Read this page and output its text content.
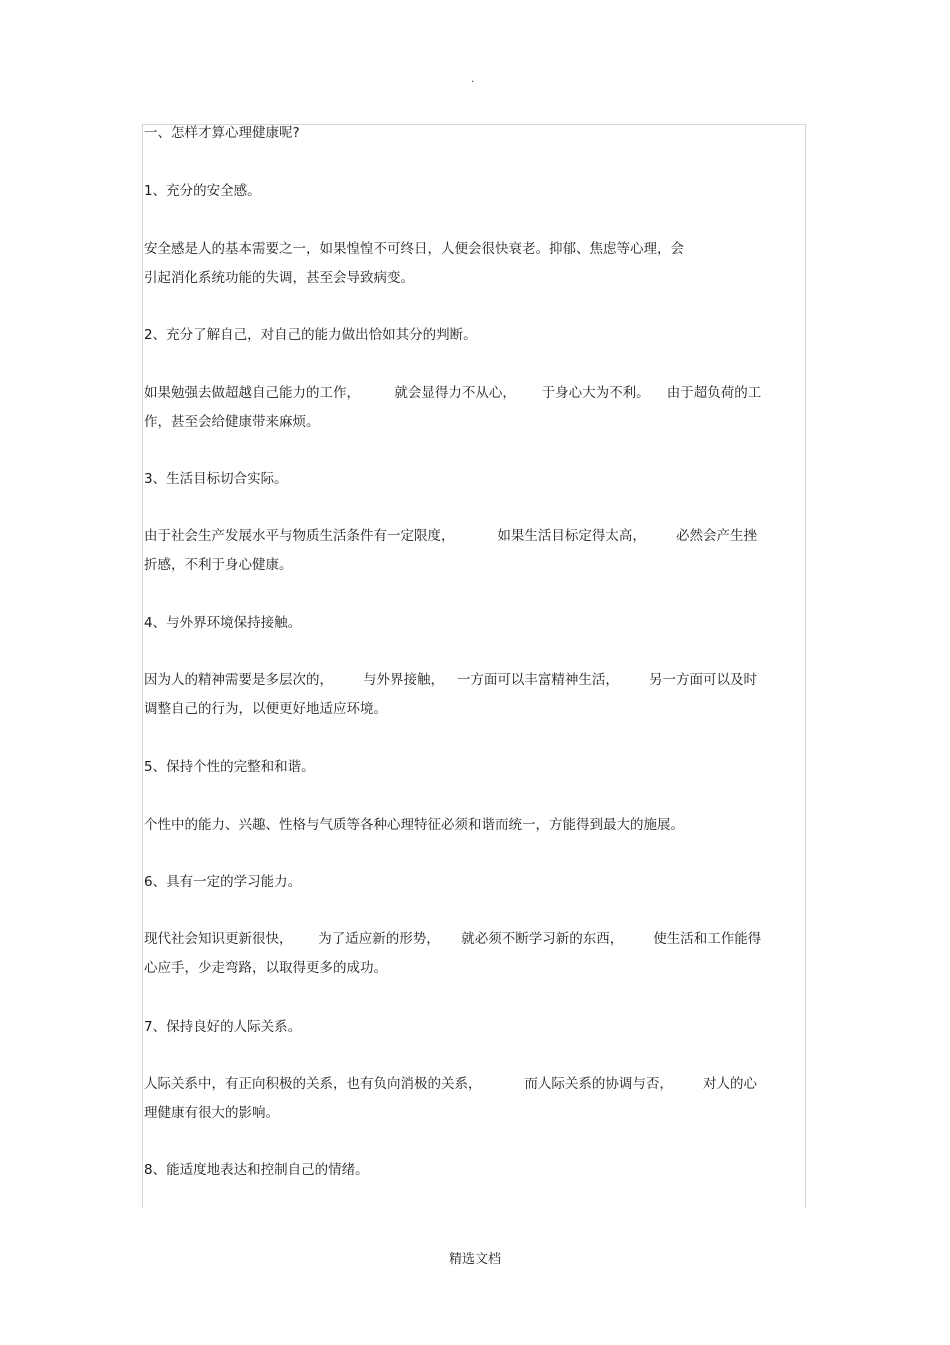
.
一、怎样才算心理健康呢?
1、充分的安全感。
安全感是人的基本需要之一，如果惶惶不可终日，人便会很快衰老。抑郁、焦虑等心理，会
引起消化系统功能的失调，甚至会导致病变。
2、充分了解自己，对自己的能力做出恰如其分的判断。
如果勉强去做超越自己能力的工作，        就会显得力不从心，      于身心大为不利。    由于超负荷的工
作，甚至会给健康带来麻烦。
3、生活目标切合实际。
由于社会生产发展水平与物质生活条件有一定限度，          如果生活目标定得太高，       必然会产生挫
折感，不利于身心健康。
4、与外界环境保持接触。
因为人的精神需要是多层次的，       与外界接触，   一方面可以丰富精神生活，       另一方面可以及时
调整自己的行为，以便更好地适应环境。
5、保持个性的完整和和谐。
个性中的能力、兴趣、性格与气质等各种心理特征必须和谐而统一，方能得到最大的施展。
6、具有一定的学习能力。
现代社会知识更新很快，      为了适应新的形势，     就必须不断学习新的东西，       使生活和工作能得
心应手，少走弯路，以取得更多的成功。
7、保持良好的人际关系。
人际关系中，有正向积极的关系，也有负向消极的关系，          而人际关系的协调与否，       对人的心
理健康有很大的影响。
8、能适度地表达和控制自己的情绪。
精选文档
